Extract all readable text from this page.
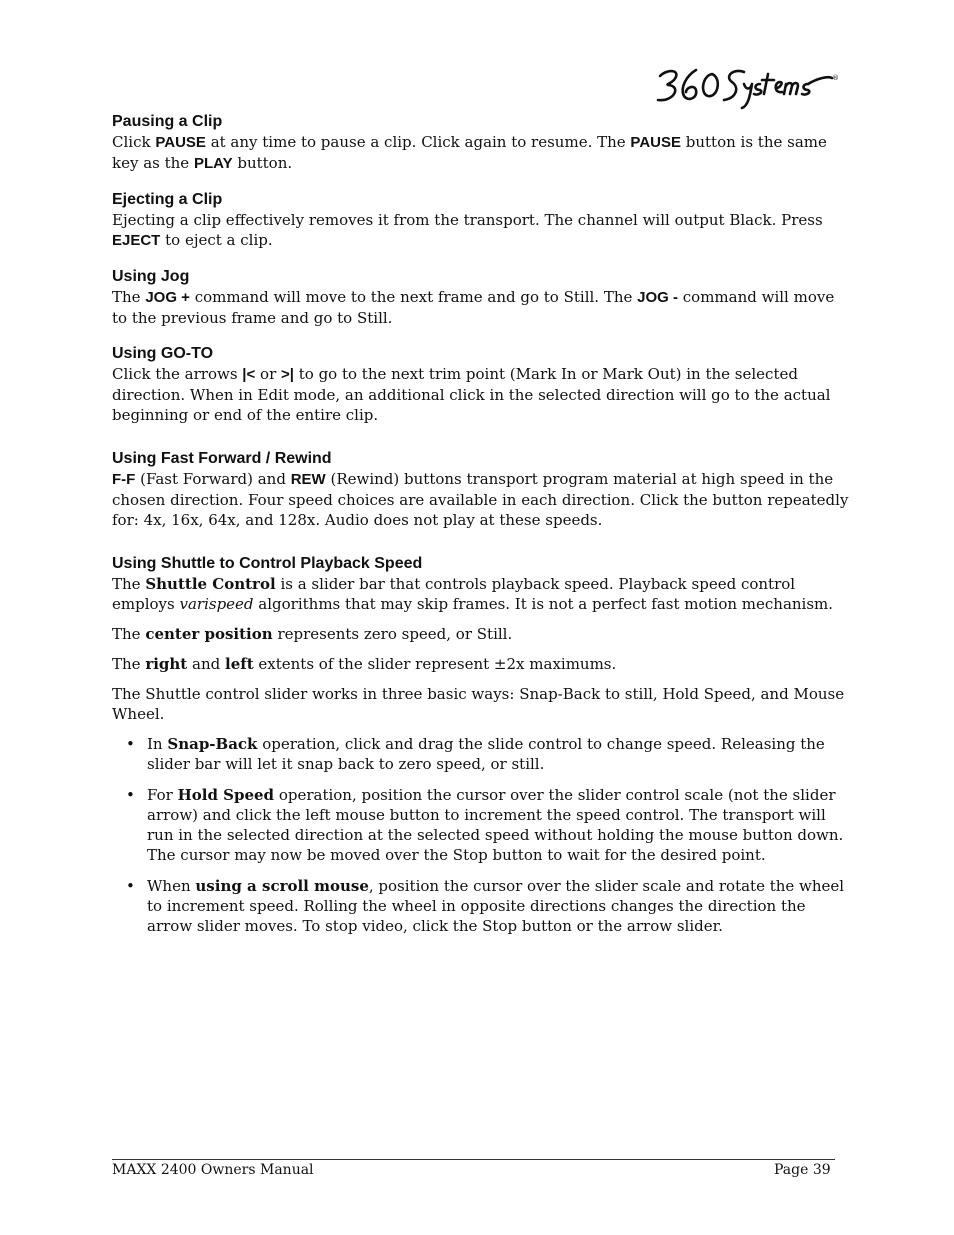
®
Pausing a Clip
Click PAUSE at any time to pause a clip. Click again to resume. The PAUSE button is the same key as the PLAY button.
Ejecting a Clip
Ejecting a clip effectively removes it from the transport. The channel will output Black. Press EJECT to eject a clip.
Using Jog
The JOG + command will move to the next frame and go to Still. The JOG - command will move to the previous frame and go to Still.
Using GO-TO
Click the arrows |< or >| to go to the next trim point (Mark In or Mark Out) in the selected direction. When in Edit mode, an additional click in the selected direction will go to the actual beginning or end of the entire clip.
Using Fast Forward / Rewind
F-F (Fast Forward) and REW (Rewind) buttons transport program material at high speed in the chosen direction. Four speed choices are available in each direction. Click the button repeatedly for: 4x, 16x, 64x, and 128x. Audio does not play at these speeds.
Using Shuttle to Control Playback Speed
The Shuttle Control is a slider bar that controls playback speed. Playback speed control employs varispeed algorithms that may skip frames. It is not a perfect fast motion mechanism.
The center position represents zero speed, or Still.
The right and left extents of the slider represent ±2x maximums.
The Shuttle control slider works in three basic ways: Snap-Back to still, Hold Speed, and Mouse Wheel.
• In Snap-Back operation, click and drag the slide control to change speed. Releasing the slider bar will let it snap back to zero speed, or still.
• For Hold Speed operation, position the cursor over the slider control scale (not the slider arrow) and click the left mouse button to increment the speed control. The transport will run in the selected direction at the selected speed without holding the mouse button down. The cursor may now be moved over the Stop button to wait for the desired point.
• When using a scroll mouse, position the cursor over the slider scale and rotate the wheel to increment speed. Rolling the wheel in opposite directions changes the direction the arrow slider moves. To stop video, click the Stop button or the arrow slider.
MAXX 2400 Owners Manual	Page 39
